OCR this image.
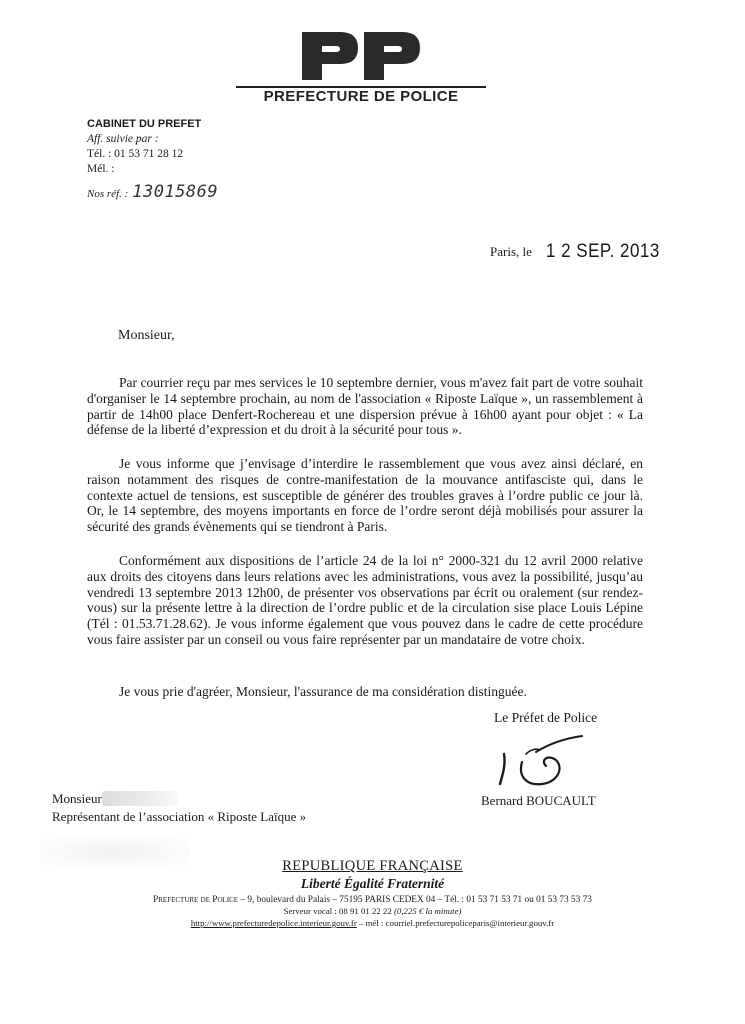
PREFECTURE DE POLICE
CABINET DU PREFET
Aff. suivie par :
Tél. : 01 53 71 28 12
Mél. :
Nos réf. : 13015869
Paris, le 1 2 SEP. 2013
Monsieur,

Par courrier reçu par mes services le 10 septembre dernier, vous m'avez fait part de votre souhait d'organiser le 14 septembre prochain, au nom de l'association « Riposte Laïque », un rassemblement à partir de 14h00 place Denfert-Rochereau et une dispersion prévue à 16h00 ayant pour objet : « La défense de la liberté d’expression et du droit à la sécurité pour tous ».

Je vous informe que j’envisage d’interdire le rassemblement que vous avez ainsi déclaré, en raison notamment des risques de contre-manifestation de la mouvance antifasciste qui, dans le contexte actuel de tensions, est susceptible de générer des troubles graves à l’ordre public ce jour là. Or, le 14 septembre, des moyens importants en force de l’ordre seront déjà mobilisés pour assurer la sécurité des grands évènements qui se tiendront à Paris.

Conformément aux dispositions de l’article 24 de la loi n° 2000-321 du 12 avril 2000 relative aux droits des citoyens dans leurs relations avec les administrations, vous avez la possibilité, jusqu’au vendredi 13 septembre 2013 12h00, de présenter vos observations par écrit ou oralement (sur rendez-vous) sur la présente lettre à la direction de l’ordre public et de la circulation sise place Louis Lépine (Tél : 01.53.71.28.62). Je vous informe également que vous pouvez dans le cadre de cette procédure vous faire assister par un conseil ou vous faire représenter par un mandataire de votre choix.

Je vous prie d'agréer, Monsieur, l'assurance de ma considération distinguée.
Le Préfet de Police
Bernard BOUCAULT
Monsieur
Représentant de l’association « Riposte Laïque »
REPUBLIQUE FRANÇAISE
Liberté Égalité Fraternité
Prefecture de Police – 9, boulevard du Palais – 75195 PARIS CEDEX 04 – Tél. : 01 53 71 53 71 ou 01 53 73 53 73
Serveur vocal : 08 91 01 22 22 (0,225 € la minute)
http://www.prefecturedepolice.interieur.gouv.fr – mél : courriel.prefecturepoliceparis@interieur.gouv.fr
